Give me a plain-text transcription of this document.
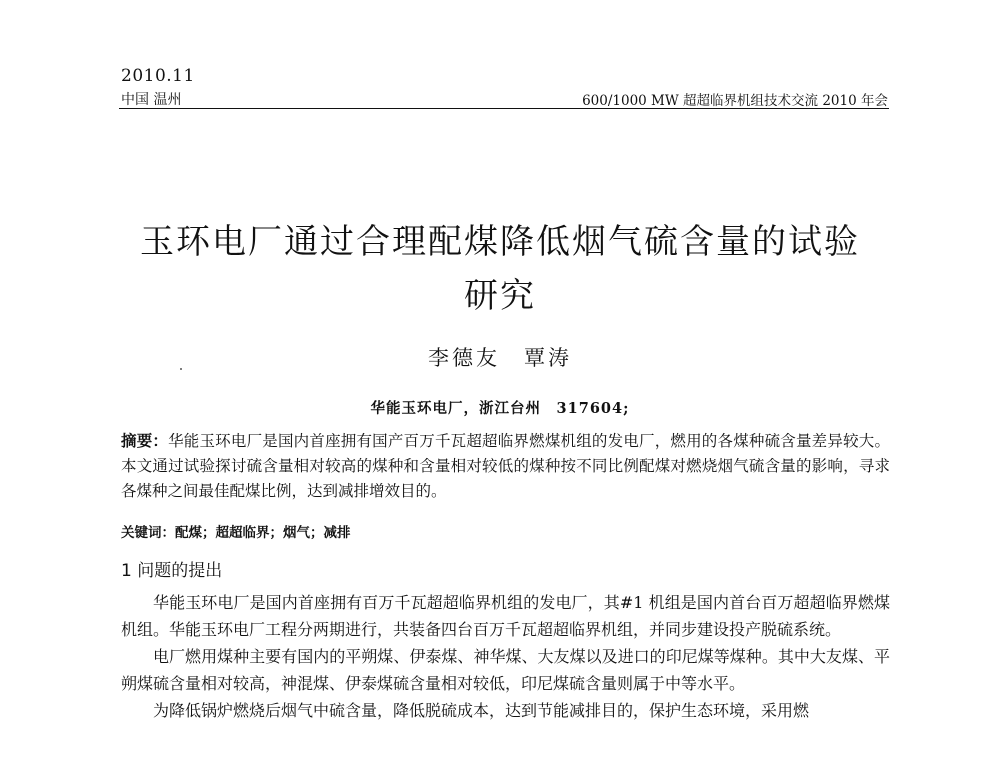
2010.11
中国 温州	600/1000 MW 超超临界机组技术交流 2010 年会
玉环电厂通过合理配煤降低烟气硫含量的试验
研究
李德友　覃涛
华能玉环电厂，浙江台州　317604;
摘要：华能玉环电厂是国内首座拥有国产百万千瓦超超临界燃煤机组的发电厂，燃用的各煤种硫含量差异较大。本文通过试验探讨硫含量相对较高的煤种和含量相对较低的煤种按不同比例配煤对燃烧烟气硫含量的影响，寻求各煤种之间最佳配煤比例，达到减排增效目的。
关键词：配煤；超超临界；烟气；减排
1 问题的提出

华能玉环电厂是国内首座拥有百万千瓦超超临界机组的发电厂，其#1 机组是国内首台百万超超临界燃煤机组。华能玉环电厂工程分两期进行，共装备四台百万千瓦超超临界机组，并同步建设投产脱硫系统。

电厂燃用煤种主要有国内的平朔煤、伊泰煤、神华煤、大友煤以及进口的印尼煤等煤种。其中大友煤、平朔煤硫含量相对较高，神混煤、伊泰煤硫含量相对较低，印尼煤硫含量则属于中等水平。

为降低锅炉燃烧后烟气中硫含量，降低脱硫成本，达到节能减排目的，保护生态环境，采用燃
